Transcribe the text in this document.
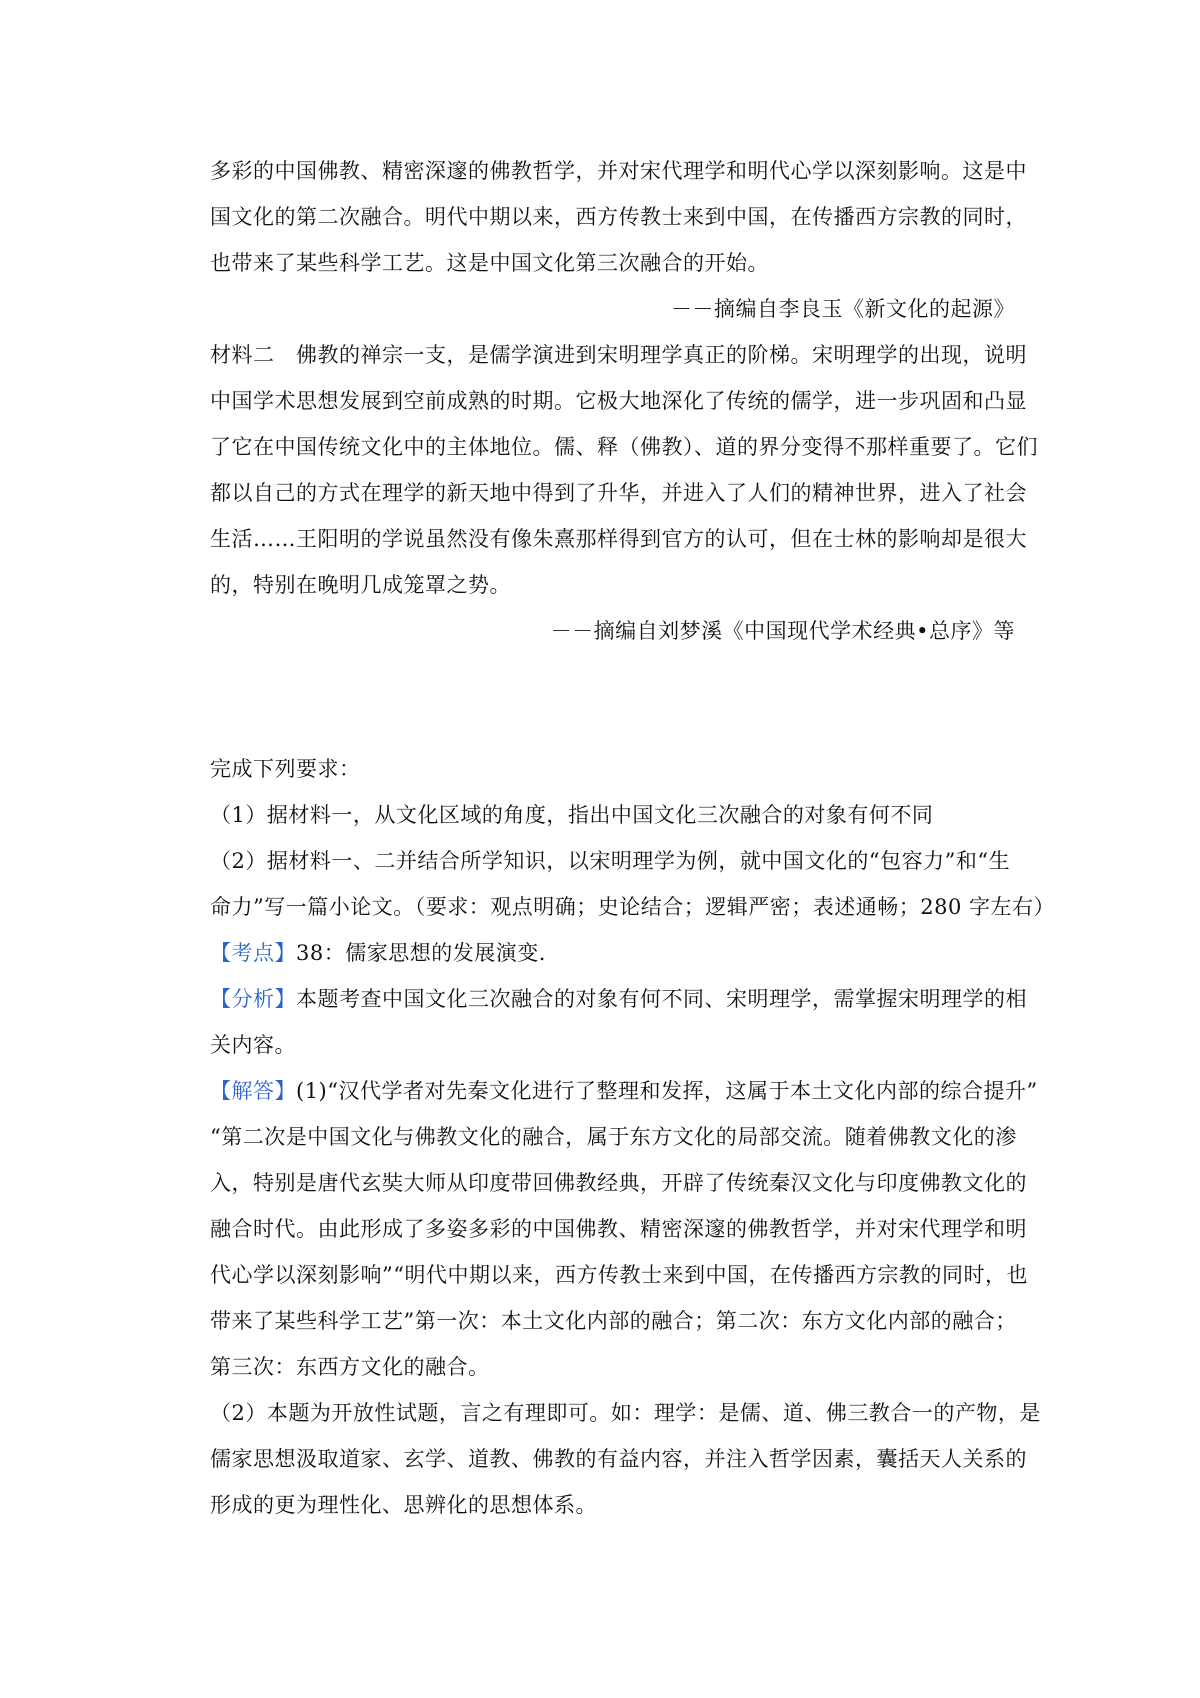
多彩的中国佛教、精密深邃的佛教哲学，并对宋代理学和明代心学以深刻影响。这是中
国文化的第二次融合。明代中期以来，西方传教士来到中国，在传播西方宗教的同时，
也带来了某些科学工艺。这是中国文化第三次融合的开始。
－－摘编自李良玉《新文化的起源》
材料二　佛教的禅宗一支，是儒学演进到宋明理学真正的阶梯。宋明理学的出现，说明
中国学术思想发展到空前成熟的时期。它极大地深化了传统的儒学，进一步巩固和凸显
了它在中国传统文化中的主体地位。儒、释（佛教）、道的界分变得不那样重要了。它们
都以自己的方式在理学的新天地中得到了升华，并进入了人们的精神世界，进入了社会
生活……王阳明的学说虽然没有像朱熹那样得到官方的认可，但在士林的影响却是很大
的，特别在晚明几成笼罩之势。
－－摘编自刘梦溪《中国现代学术经典•总序》等
完成下列要求：
（1）据材料一，从文化区域的角度，指出中国文化三次融合的对象有何不同
（2）据材料一、二并结合所学知识，以宋明理学为例，就中国文化的“包容力”和“生
命力”写一篇小论文。（要求：观点明确；史论结合；逻辑严密；表述通畅；280 字左右）
【考点】38：儒家思想的发展演变.
【分析】本题考查中国文化三次融合的对象有何不同、宋明理学，需掌握宋明理学的相
关内容。
【解答】(1)“汉代学者对先秦文化进行了整理和发挥，这属于本土文化内部的综合提升”
“第二次是中国文化与佛教文化的融合，属于东方文化的局部交流。随着佛教文化的渗
入，特别是唐代玄奘大师从印度带回佛教经典，开辟了传统秦汉文化与印度佛教文化的
融合时代。由此形成了多姿多彩的中国佛教、精密深邃的佛教哲学，并对宋代理学和明
代心学以深刻影响”“明代中期以来，西方传教士来到中国，在传播西方宗教的同时，也
带来了某些科学工艺”第一次：本土文化内部的融合；第二次：东方文化内部的融合；
第三次：东西方文化的融合。
（2）本题为开放性试题，言之有理即可。如：理学：是儒、道、佛三教合一的产物，是
儒家思想汲取道家、玄学、道教、佛教的有益内容，并注入哲学因素，囊括天人关系的
形成的更为理性化、思辨化的思想体系。
